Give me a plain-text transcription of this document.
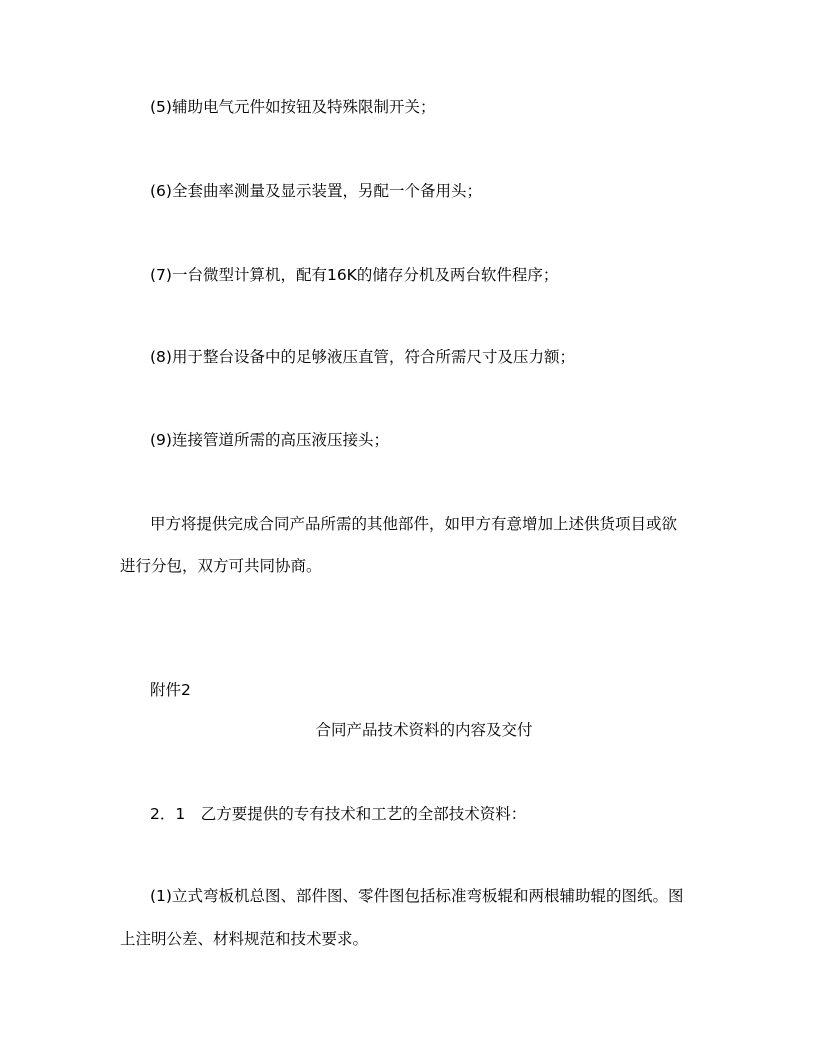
(5)辅助电气元件如按钮及特殊限制开关；
(6)全套曲率测量及显示装置，另配一个备用头；
(7)一台微型计算机，配有16K的储存分机及两台软件程序；
(8)用于整台设备中的足够液压直管，符合所需尺寸及压力额；
(9)连接管道所需的高压液压接头；
甲方将提供完成合同产品所需的其他部件，如甲方有意增加上述供货项目或欲
进行分包，双方可共同协商。
附件2
合同产品技术资料的内容及交付
2．1　乙方要提供的专有技术和工艺的全部技术资料：
(1)立式弯板机总图、部件图、零件图包括标准弯板辊和两根辅助辊的图纸。图
上注明公差、材料规范和技术要求。
